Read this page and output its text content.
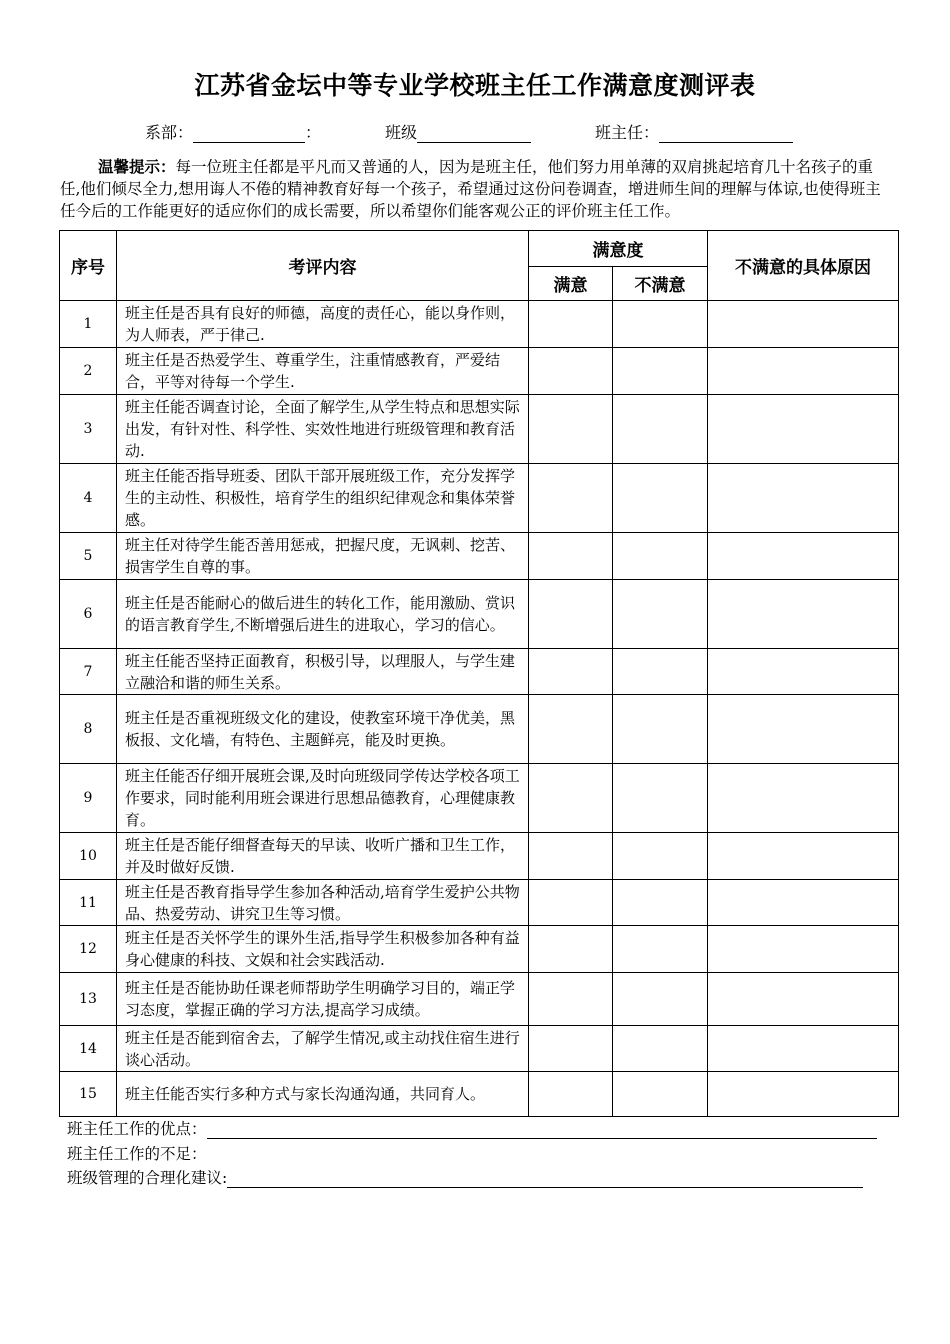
江苏省金坛中等专业学校班主任工作满意度测评表
系部：	：	班级	班主任：
温馨提示：每一位班主任都是平凡而又普通的人，因为是班主任，他们努力用单薄的双肩挑起培育几十名孩子的重任,他们倾尽全力,想用诲人不倦的精神教育好每一个孩子，希望通过这份问卷调查，增进师生间的理解与体谅,也使得班主任今后的工作能更好的适应你们的成长需要，所以希望你们能客观公正的评价班主任工作。
序号	考评内容	满意度		不满意的具体原因
		满意	不满意	
1	班主任是否具有良好的师德，高度的责任心，能以身作则，为人师表，严于律己.			
2	班主任是否热爱学生、尊重学生，注重情感教育，严爱结合，平等对待每一个学生.			
3	班主任能否调查讨论，全面了解学生,从学生特点和思想实际出发，有针对性、科学性、实效性地进行班级管理和教育活动.			
4	班主任能否指导班委、团队干部开展班级工作，充分发挥学生的主动性、积极性，培育学生的组织纪律观念和集体荣誉感。			
5	班主任对待学生能否善用惩戒，把握尺度，无讽刺、挖苦、损害学生自尊的事。			
6	班主任是否能耐心的做后进生的转化工作，能用激励、赏识的语言教育学生,不断增强后进生的进取心，学习的信心。			
7	班主任能否坚持正面教育，积极引导，以理服人，与学生建立融洽和谐的师生关系。			
8	班主任是否重视班级文化的建设，使教室环境干净优美，黑板报、文化墙，有特色、主题鲜亮，能及时更换。			
9	班主任能否仔细开展班会课,及时向班级同学传达学校各项工作要求，同时能利用班会课进行思想品德教育，心理健康教育。			
10	班主任是否能仔细督查每天的早读、收听广播和卫生工作，并及时做好反馈.			
11	班主任是否教育指导学生参加各种活动,培育学生爱护公共物品、热爱劳动、讲究卫生等习惯。			
12	班主任是否关怀学生的课外生活,指导学生积极参加各种有益身心健康的科技、文娱和社会实践活动.			
13	班主任是否能协助任课老师帮助学生明确学习目的，端正学习态度，掌握正确的学习方法,提高学习成绩。			
14	班主任是否能到宿舍去，了解学生情况,或主动找住宿生进行谈心活动。			
15	班主任能否实行多种方式与家长沟通沟通，共同育人。			
班主任工作的优点：
班主任工作的不足：
班级管理的合理化建议:
